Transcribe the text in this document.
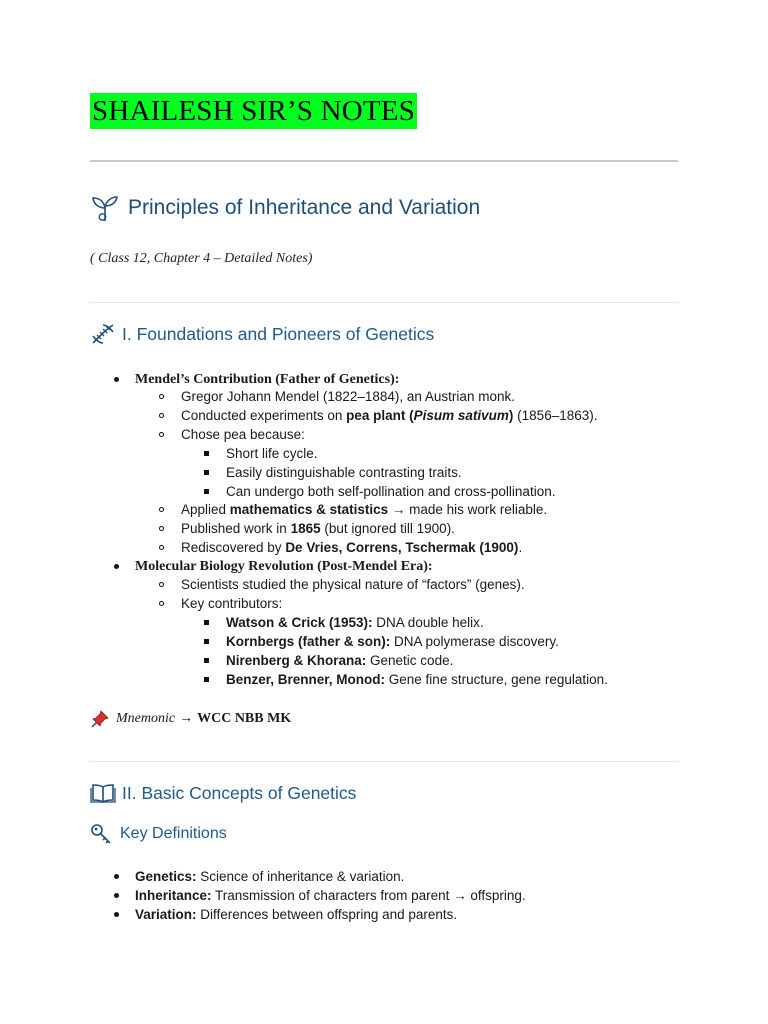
SHAILESH SIR’S NOTES
Principles of Inheritance and Variation
( Class 12, Chapter 4 – Detailed Notes)
I. Foundations and Pioneers of Genetics
Mendel’s Contribution (Father of Genetics):
Gregor Johann Mendel (1822–1884), an Austrian monk.
Conducted experiments on pea plant (Pisum sativum) (1856–1863).
Chose pea because:
Short life cycle.
Easily distinguishable contrasting traits.
Can undergo both self-pollination and cross-pollination.
Applied mathematics & statistics → made his work reliable.
Published work in 1865 (but ignored till 1900).
Rediscovered by De Vries, Correns, Tschermak (1900).
Molecular Biology Revolution (Post-Mendel Era):
Scientists studied the physical nature of “factors” (genes).
Key contributors:
Watson & Crick (1953): DNA double helix.
Kornbergs (father & son): DNA polymerase discovery.
Nirenberg & Khorana: Genetic code.
Benzer, Brenner, Monod: Gene fine structure, gene regulation.
Mnemonic → WCC NBB MK
II. Basic Concepts of Genetics
Key Definitions
Genetics: Science of inheritance & variation.
Inheritance: Transmission of characters from parent → offspring.
Variation: Differences between offspring and parents.
